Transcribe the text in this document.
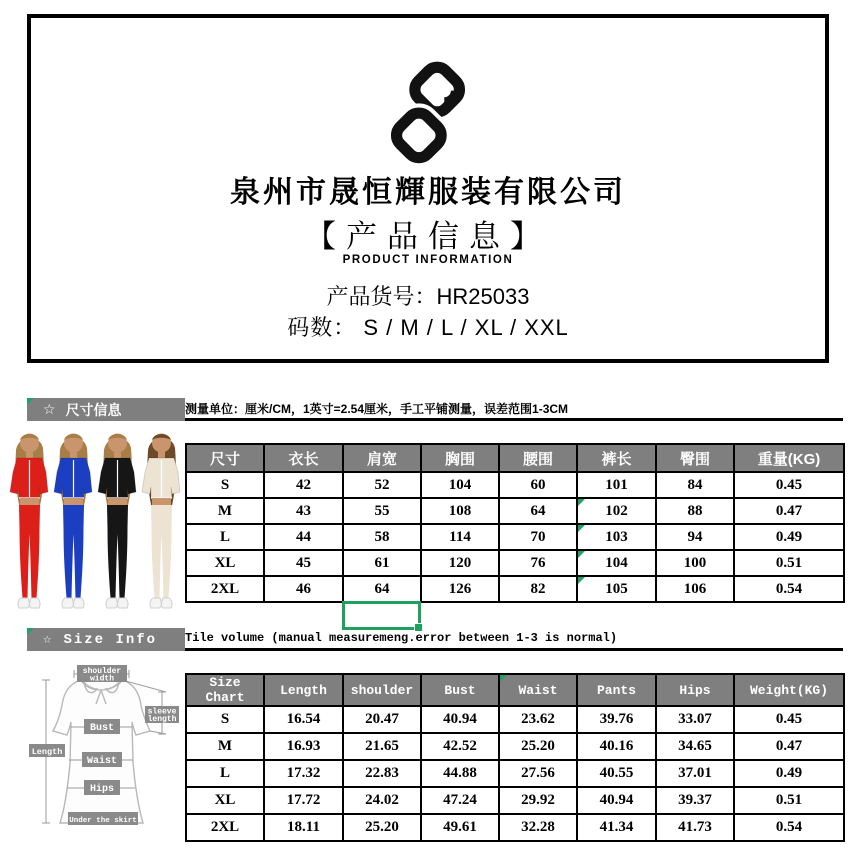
泉州市晟恒輝服装有限公司
【产品信息】
PRODUCT INFORMATION
产品货号：HR25033
码数： S / M / L / XL / XXL
☆ 尺寸信息	测量单位：厘米/CM，1英寸=2.54厘米，手工平铺测量，误差范围1-3CM
尺寸	衣长	肩宽	胸围	腰围	裤长	臀围	重量(KG)
S	42	52	104	60	101	84	0.45
M	43	55	108	64	102	88	0.47
L	44	58	114	70	103	94	0.49
XL	45	61	120	76	104	100	0.51
2XL	46	64	126	82	105	106	0.54
☆ Size Info Tile volume (manual measuremeng.error between 1-3 is normal)
shoulder
width
sleeve
length
Length
Bust
Waist
Hips
Under the skirt
Size Chart	Length	shoulder	Bust	Waist	Pants	Hips	Weight(KG)
S	16.54	20.47	40.94	23.62	39.76	33.07	0.45
M	16.93	21.65	42.52	25.20	40.16	34.65	0.47
L	17.32	22.83	44.88	27.56	40.55	37.01	0.49
XL	17.72	24.02	47.24	29.92	40.94	39.37	0.51
2XL	18.11	25.20	49.61	32.28	41.34	41.73	0.54
